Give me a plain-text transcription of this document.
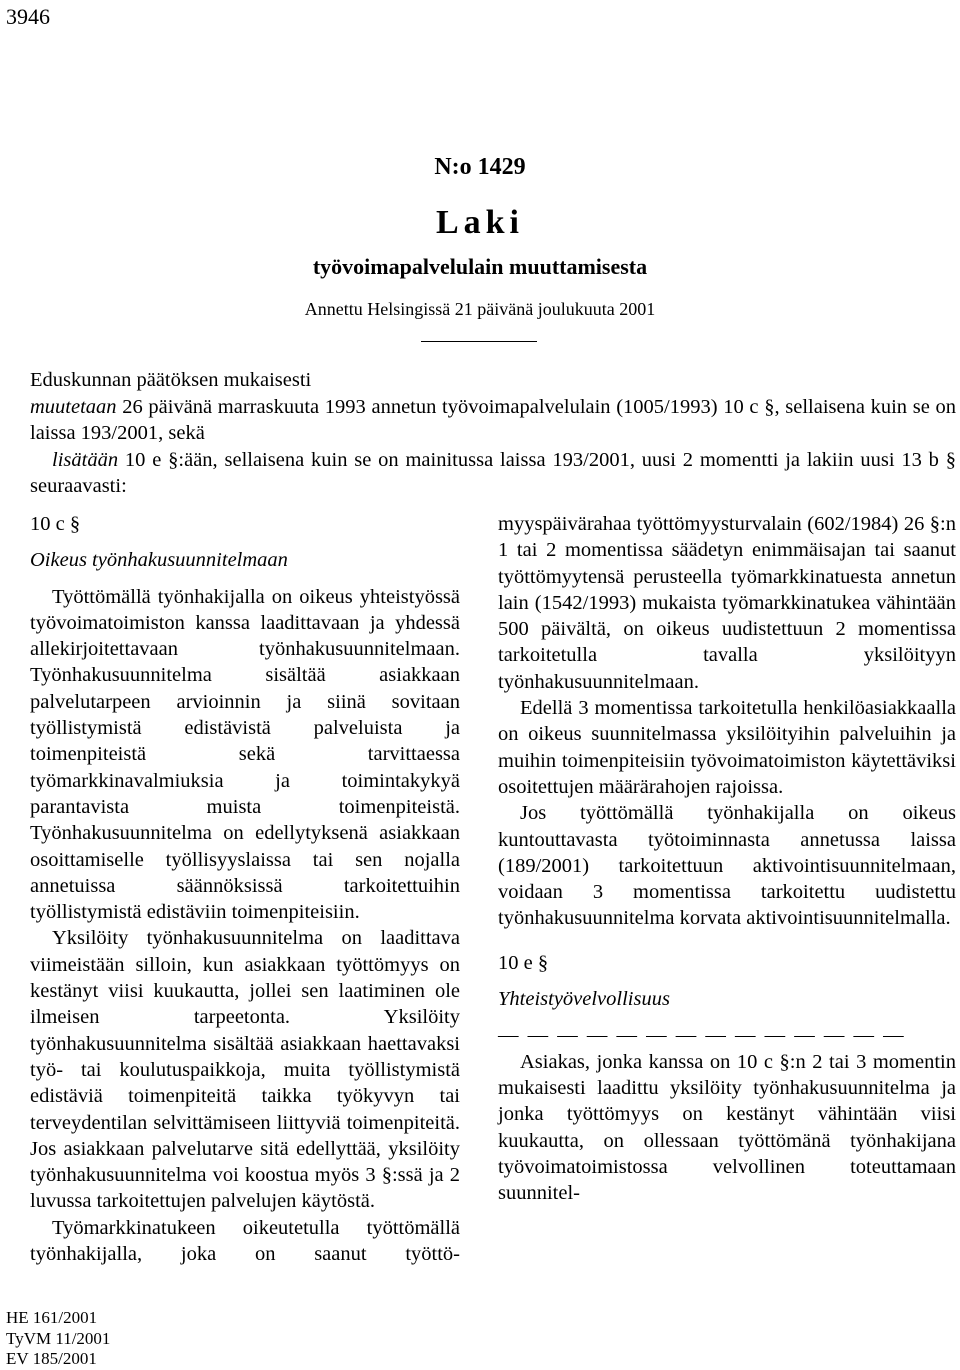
3946
N:o 1429
Laki
työvoimapalvelulain muuttamisesta
Annettu Helsingissä 21 päivänä joulukuuta 2001

Eduskunnan päätöksen mukaisesti

muutetaan 26 päivänä marraskuuta 1993 annetun työvoimapalvelulain (1005/1993) 10 c §, sellaisena kuin se on laissa 193/2001, sekä

lisätään 10 e §:ään, sellaisena kuin se on mainitussa laissa 193/2001, uusi 2 momentti ja lakiin uusi 13 b § seuraavasti:

10 c §

Oikeus työnhakusuunnitelmaan

Työttömällä työnhakijalla on oikeus yhteistyössä työvoimatoimiston kanssa laadittavaan ja yhdessä allekirjoitettavaan työnhakusuunnitelmaan. Työnhakusuunnitelma sisältää asiakkaan palvelutarpeen arvioinnin ja siinä sovitaan työllistymistä edistävistä palveluista ja toimenpiteistä sekä tarvittaessa työmarkkinavalmiuksia ja toimintakykyä parantavista muista toimenpiteistä. Työnhakusuunnitelma on edellytyksenä asiakkaan osoittamiselle työllisyyslaissa tai sen nojalla annetuissa säännöksissä tarkoitettuihin työllistymistä edistäviin toimenpiteisiin.

Yksilöity työnhakusuunnitelma on laadittava viimeistään silloin, kun asiakkaan työttömyys on kestänyt viisi kuukautta, jollei sen laatiminen ole ilmeisen tarpeetonta. Yksilöity työnhakusuunnitelma sisältää asiakkaan haettavaksi työ- tai koulutuspaikkoja, muita työllistymistä edistäviä toimenpiteitä taikka työkyvyn tai terveydentilan selvittämiseen liittyviä toimenpiteitä. Jos asiakkaan palvelutarve sitä edellyttää, yksilöity työnhakusuunnitelma voi koostua myös 3 §:ssä ja 2 luvussa tarkoitettujen palvelujen käytöstä.

Työmarkkinatukeen oikeutetulla työttömällä työnhakijalla, joka on saanut työttö-

myyspäivärahaa työttömyysturvalain (602/1984) 26 §:n 1 tai 2 momentissa säädetyn enimmäisajan tai saanut työttömyytensä perusteella työmarkkinatuesta annetun lain (1542/1993) mukaista työmarkkinatukea vähintään 500 päivältä, on oikeus uudistettuun 2 momentissa tarkoitetulla tavalla yksilöityyn työnhakusuunnitelmaan.

Edellä 3 momentissa tarkoitetulla henkilöasiakkaalla on oikeus suunnitelmassa yksilöityihin palveluihin ja muihin toimenpiteisiin työvoimatoimiston käytettäviksi osoitettujen määrärahojen rajoissa.

Jos työttömällä työnhakijalla on oikeus kuntouttavasta työtoiminnasta annetussa laissa (189/2001) tarkoitettuun aktivointisuunnitelmaan, voidaan 3 momentissa tarkoitettu uudistettu työnhakusuunnitelma korvata aktivointisuunnitelmalla.

10 e §

Yhteistyövelvollisuus

— — — — — — — — — — — — — —

Asiakas, jonka kanssa on 10 c §:n 2 tai 3 momentin mukaisesti laadittu yksilöity työnhakusuunnitelma ja jonka työttömyys on kestänyt vähintään viisi kuukautta, on ollessaan työttömänä työnhakijana työvoimatoimistossa velvollinen toteuttamaan suunnitel-

HE 161/2001
TyVM 11/2001
EV 185/2001
